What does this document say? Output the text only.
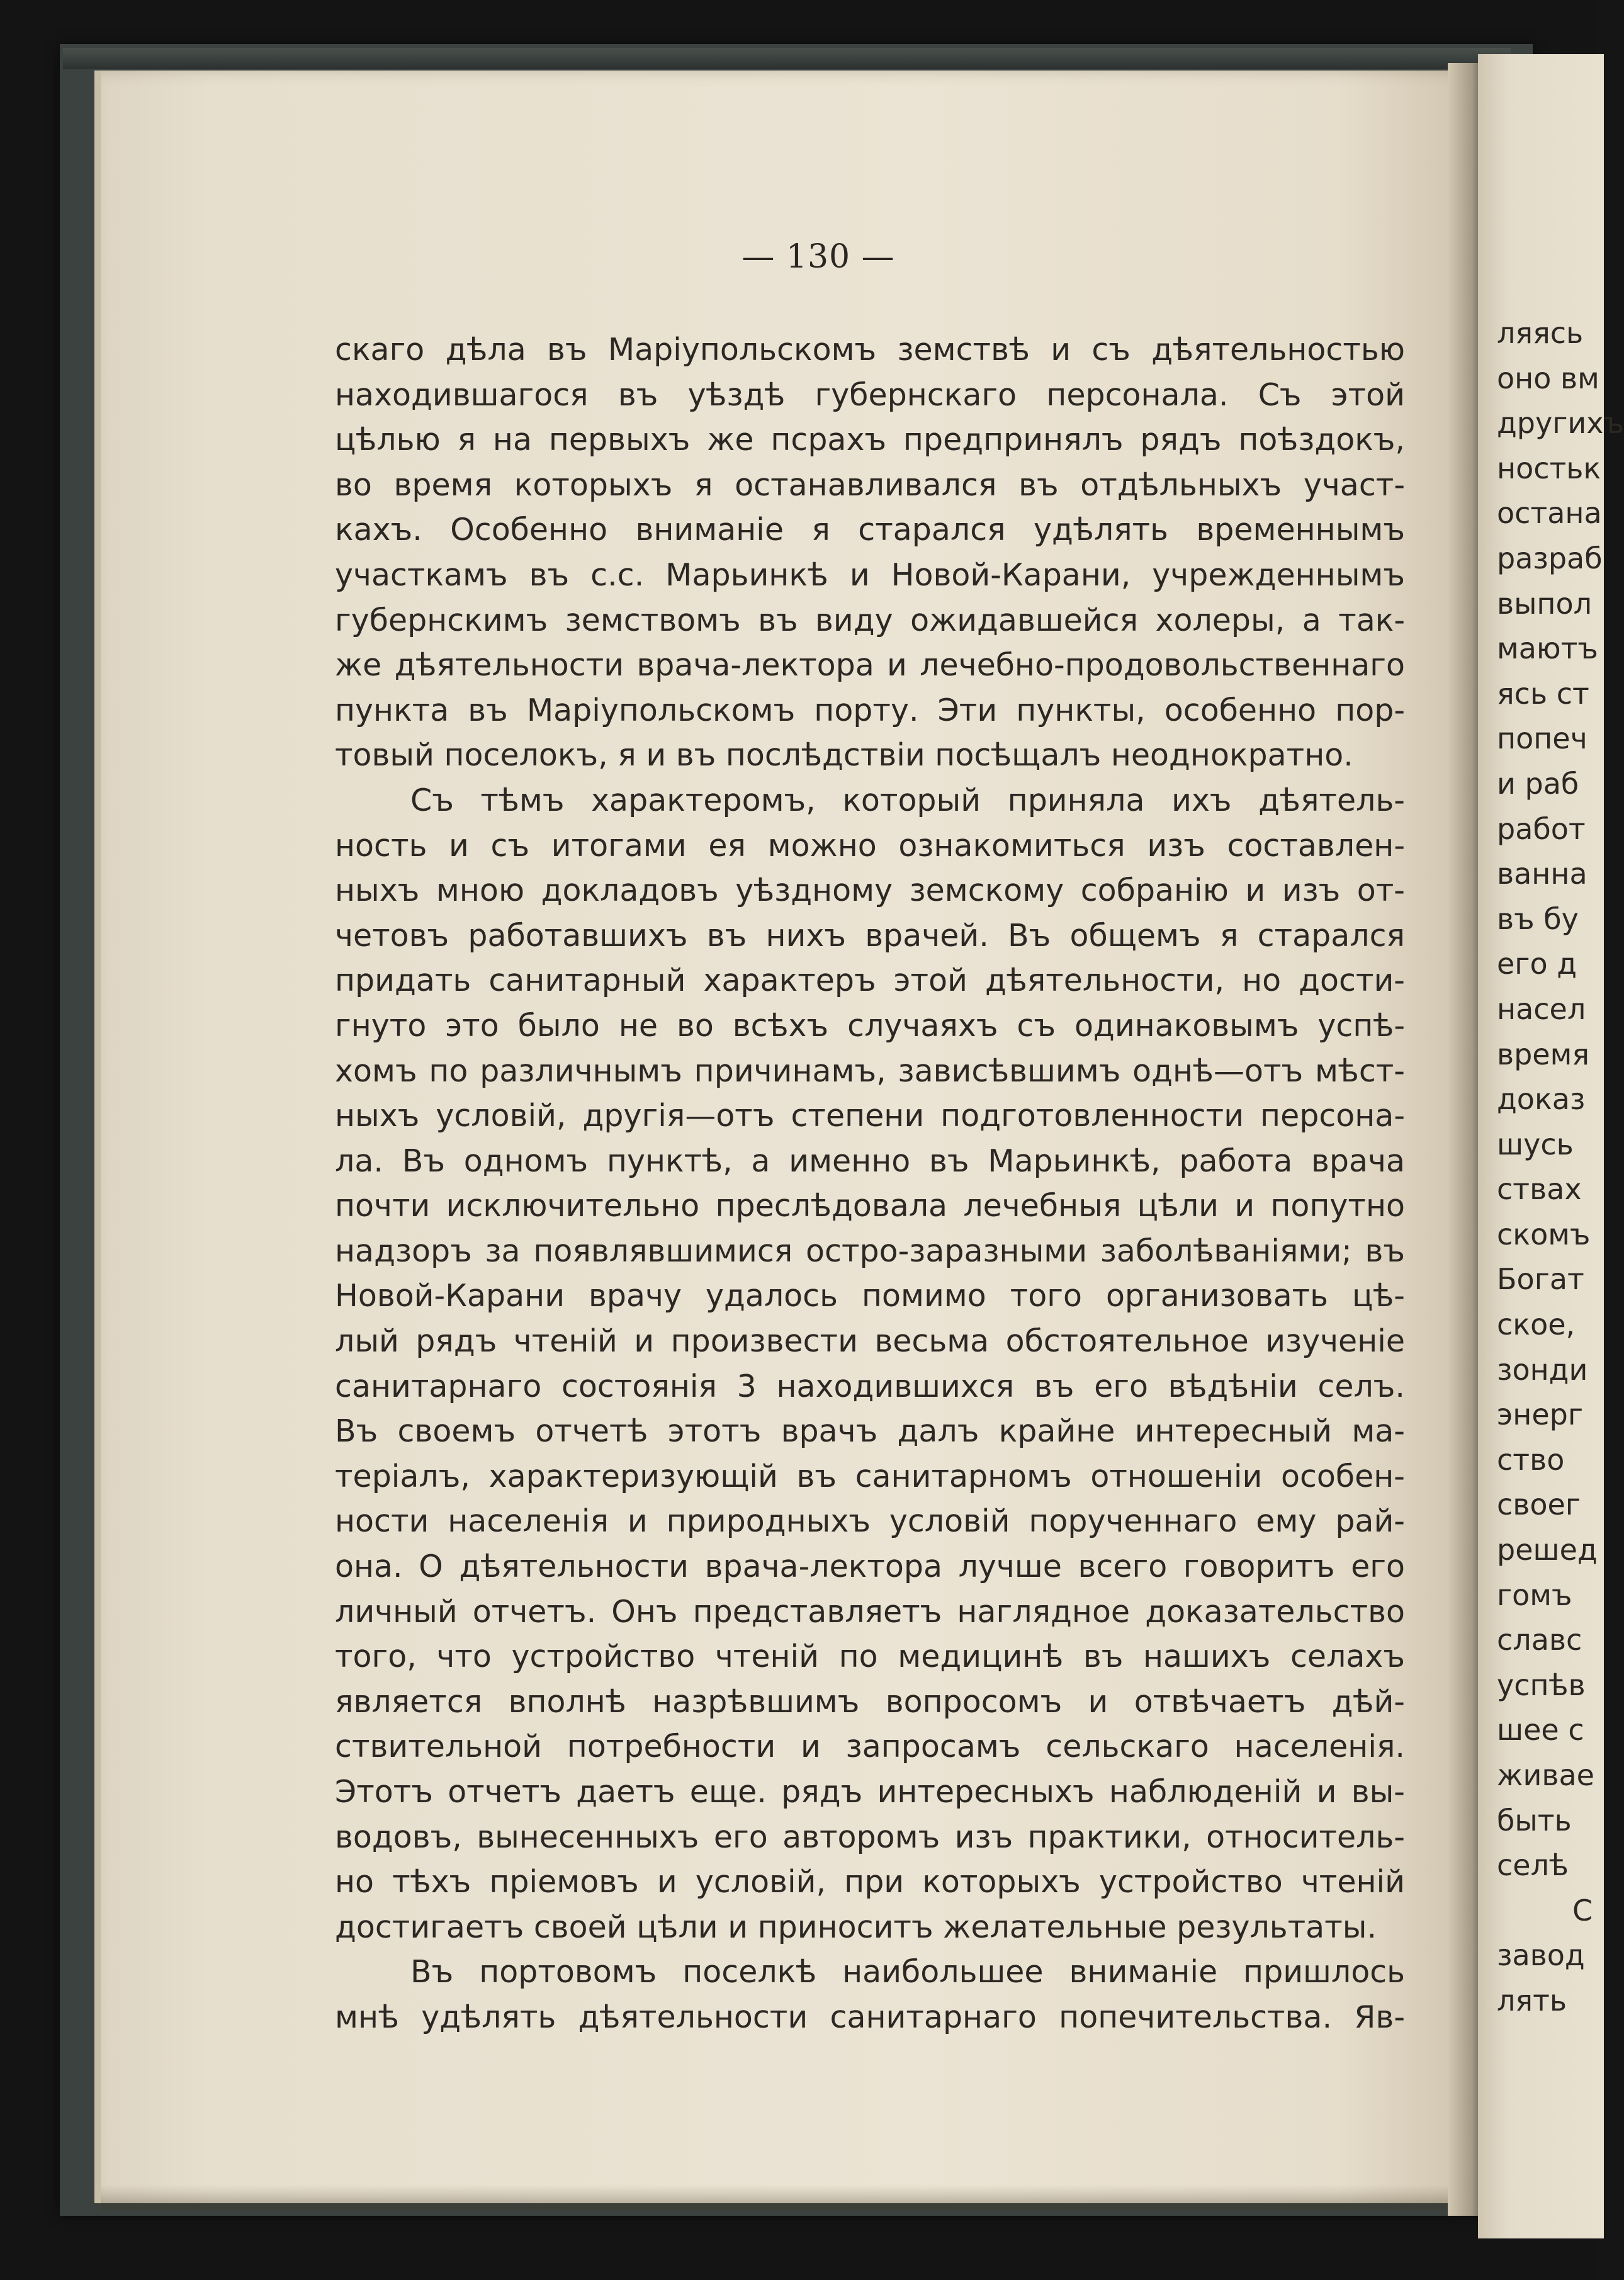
— 130 —
скаго дѣла въ Маріупольскомъ земствѣ и съ дѣятельностью
находившагося въ уѣздѣ губернскаго персонала. Съ этой
цѣлью я на первыхъ же псрахъ предпринялъ рядъ поѣздокъ,
во время которыхъ я останавливался въ отдѣльныхъ участ-
кахъ. Особенно вниманіе я старался удѣлять временнымъ
участкамъ въ с.с. Марьинкѣ и Новой-Карани, учрежденнымъ
губернскимъ земствомъ въ виду ожидавшейся холеры, а так-
же дѣятельности врача-лектора и лечебно-продовольственнаго
пункта въ Маріупольскомъ порту. Эти пункты, особенно пор-
товый поселокъ, я и въ послѣдствіи посѣщалъ неоднократно.
Съ тѣмъ характеромъ, который приняла ихъ дѣятель-
ность и съ итогами ея можно ознакомиться изъ составлен-
ныхъ мною докладовъ уѣздному земскому собранію и изъ от-
четовъ работавшихъ въ нихъ врачей. Въ общемъ я старался
придать санитарный характеръ этой дѣятельности, но дости-
гнуто это было не во всѣхъ случаяхъ съ одинаковымъ успѣ-
хомъ по различнымъ причинамъ, зависѣвшимъ однѣ—отъ мѣст-
ныхъ условій, другія—отъ степени подготовленности персона-
ла. Въ одномъ пунктѣ, а именно въ Марьинкѣ, работа врача
почти исключительно преслѣдовала лечебныя цѣли и попутно
надзоръ за появлявшимися остро-заразными заболѣваніями; въ
Новой-Карани врачу удалось помимо того организовать цѣ-
лый рядъ чтеній и произвести весьма обстоятельное изученіе
санитарнаго состоянія 3 находившихся въ его вѣдѣніи селъ.
Въ своемъ отчетѣ этотъ врачъ далъ крайне интересный ма-
теріалъ, характеризующій въ санитарномъ отношеніи особен-
ности населенія и природныхъ условій порученнаго ему рай-
она. О дѣятельности врача-лектора лучше всего говоритъ его
личный отчетъ. Онъ представляетъ наглядное доказательство
того, что устройство чтеній по медицинѣ въ нашихъ селахъ
является вполнѣ назрѣвшимъ вопросомъ и отвѣчаетъ дѣй-
ствительной потребности и запросамъ сельскаго населенія.
Этотъ отчетъ даетъ еще. рядъ интересныхъ наблюденій и вы-
водовъ, вынесенныхъ его авторомъ изъ практики, относитель-
но тѣхъ пріемовъ и условій, при которыхъ устройство чтеній
достигаетъ своей цѣли и приноситъ желательные результаты.
Въ портовомъ поселкѣ наибольшее вниманіе пришлось
мнѣ удѣлять дѣятельности санитарнаго попечительства. Яв-
ляясь
оно вм
другихъ
ностьк
остана
разраб
выпол
маютъ
ясь ст
попеч
и раб
работ
ванна
въ бу
его д
насел
время
доказ
шусь
ствах
скомъ
Богат
ское,
зонди
энерг
ство
своег
решед
гомъ
славс
успѣв
шее с
живае
быть
селѣ
С
завод
лять
